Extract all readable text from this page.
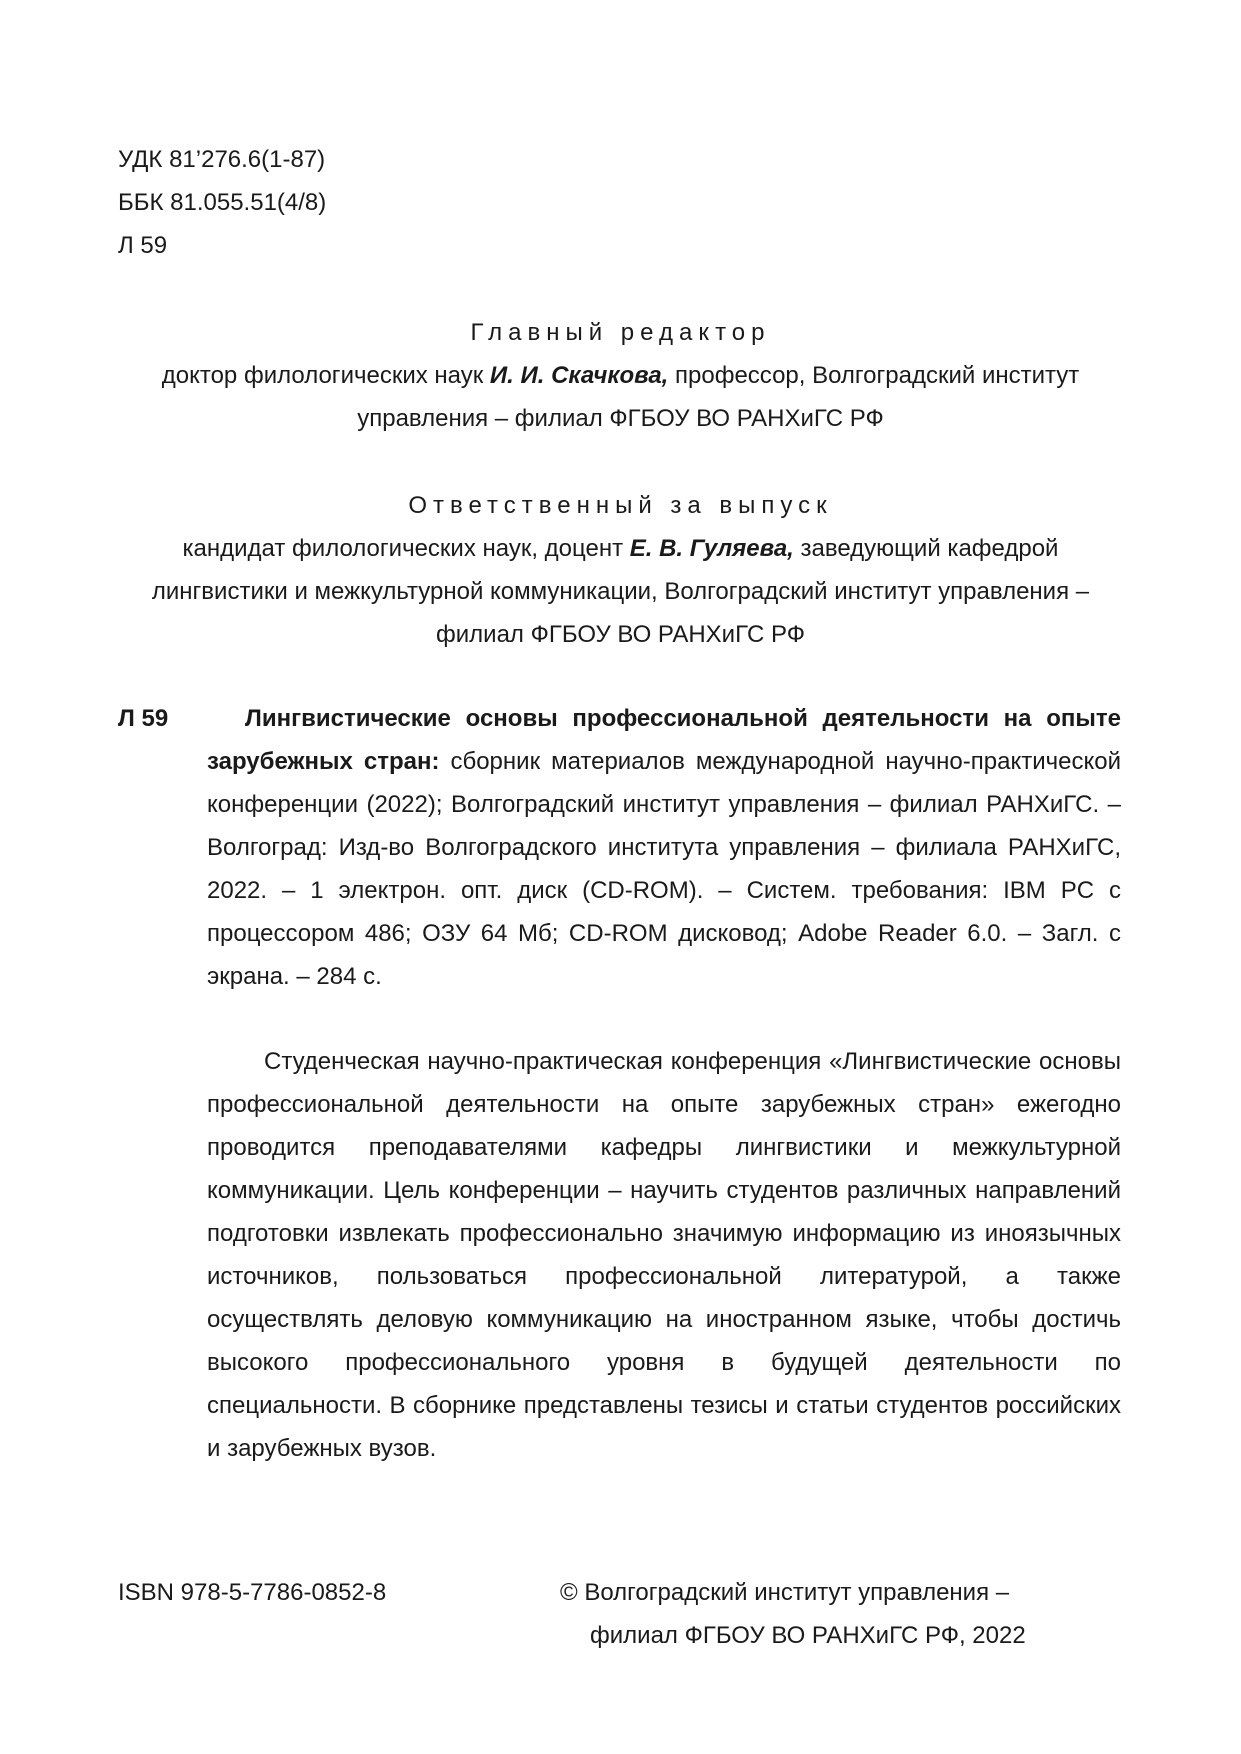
УДК 81’276.6(1-87)
ББК 81.055.51(4/8)
Л 59
Главный редактор
доктор филологических наук И. И. Скачкова, профессор, Волгоградский институт
управления – филиал ФГБОУ ВО РАНХиГС РФ
Ответственный за выпуск
кандидат филологических наук, доцент Е. В. Гуляева, заведующий кафедрой
лингвистики и межкультурной коммуникации, Волгоградский институт управления –
филиал ФГБОУ ВО РАНХиГС РФ
Л 59	Лингвистические основы профессиональной деятельности на опыте зарубежных стран: сборник материалов международной научно-практической конференции (2022); Волгоградский институт управления – филиал РАНХиГС. – Волгоград: Изд-во Волгоградского института управления – филиала РАНХиГС, 2022. – 1 электрон. опт. диск (CD-ROM). – Систем. требования: IBM PC с процессором 486; ОЗУ 64 Мб; CD-ROM дисковод; Adobe Reader 6.0. – Загл. с экрана. – 284 с.
Студенческая научно-практическая конференция «Лингвистические основы профессиональной деятельности на опыте зарубежных стран» ежегодно проводится преподавателями кафедры лингвистики и межкультурной коммуникации. Цель конференции – научить студентов различных направлений подготовки извлекать профессионально значимую информацию из иноязычных источников, пользоваться профессиональной литературой, а также осуществлять деловую коммуникацию на иностранном языке, чтобы достичь высокого профессионального уровня в будущей деятельности по специальности. В сборнике представлены тезисы и статьи студентов российских и зарубежных вузов.
ISBN 978-5-7786-0852-8	© Волгоградский институт управления –
филиал ФГБОУ ВО РАНХиГС РФ, 2022
